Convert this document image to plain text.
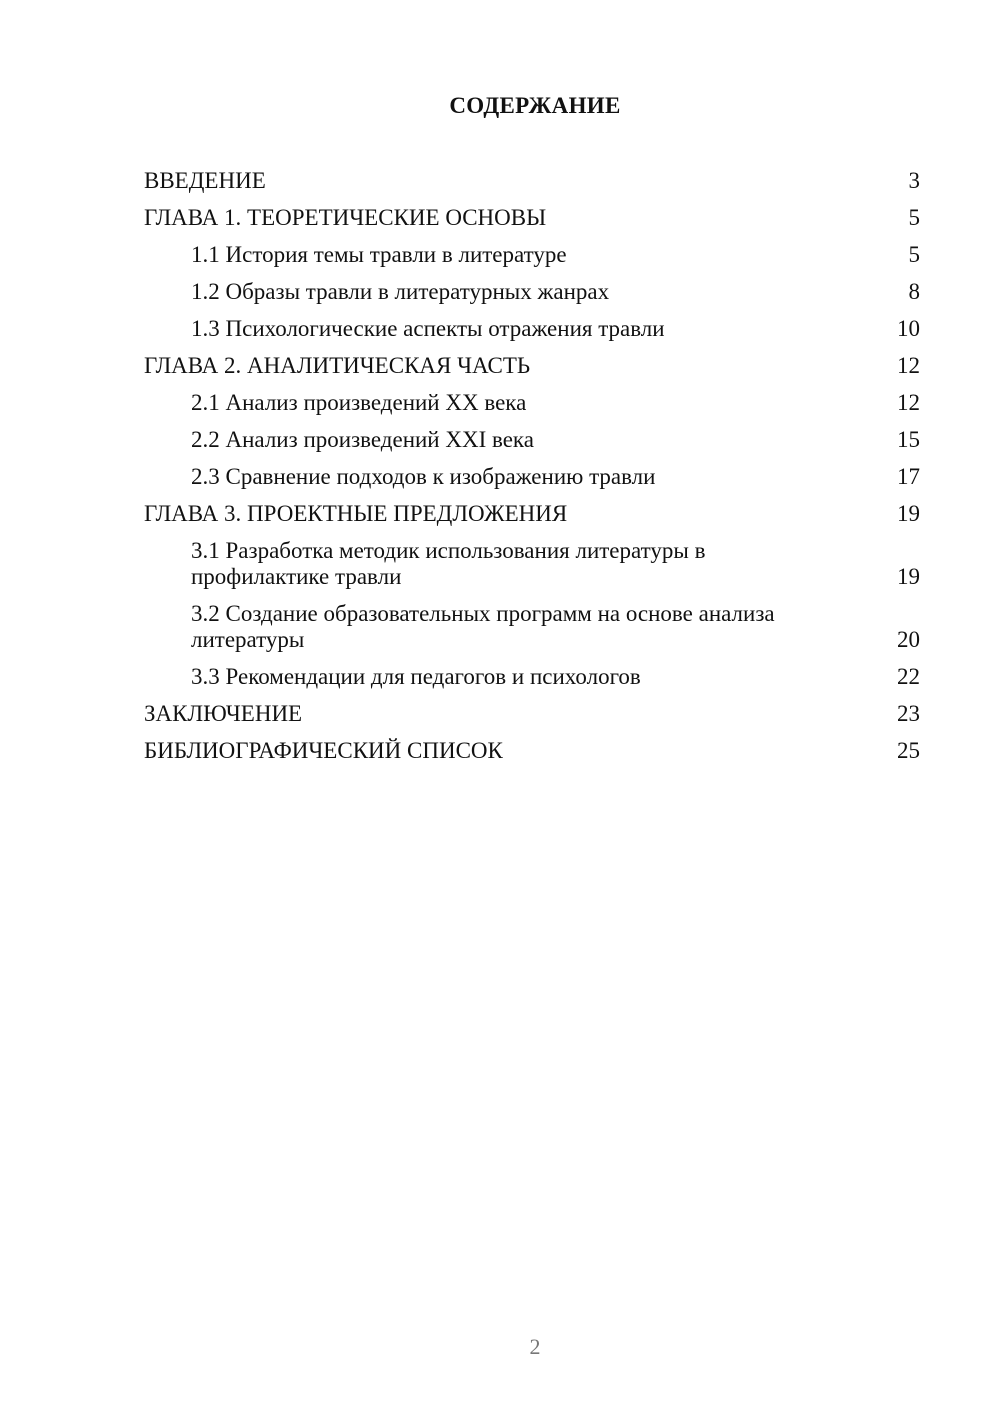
СОДЕРЖАНИЕ
ВВЕДЕНИЕ	3
ГЛАВА 1. ТЕОРЕТИЧЕСКИЕ ОСНОВЫ	5
1.1 История темы травли в литературе	5
1.2 Образы травли в литературных жанрах	8
1.3 Психологические аспекты отражения травли	10
ГЛАВА 2. АНАЛИТИЧЕСКАЯ ЧАСТЬ	12
2.1 Анализ произведений XX века	12
2.2 Анализ произведений XXI века	15
2.3 Сравнение подходов к изображению травли	17
ГЛАВА 3. ПРОЕКТНЫЕ ПРЕДЛОЖЕНИЯ	19
3.1 Разработка методик использования литературы в профилактике травли	19
3.2 Создание образовательных программ на основе анализа литературы	20
3.3 Рекомендации для педагогов и психологов	22
ЗАКЛЮЧЕНИЕ	23
БИБЛИОГРАФИЧЕСКИЙ СПИСОК	25
2
